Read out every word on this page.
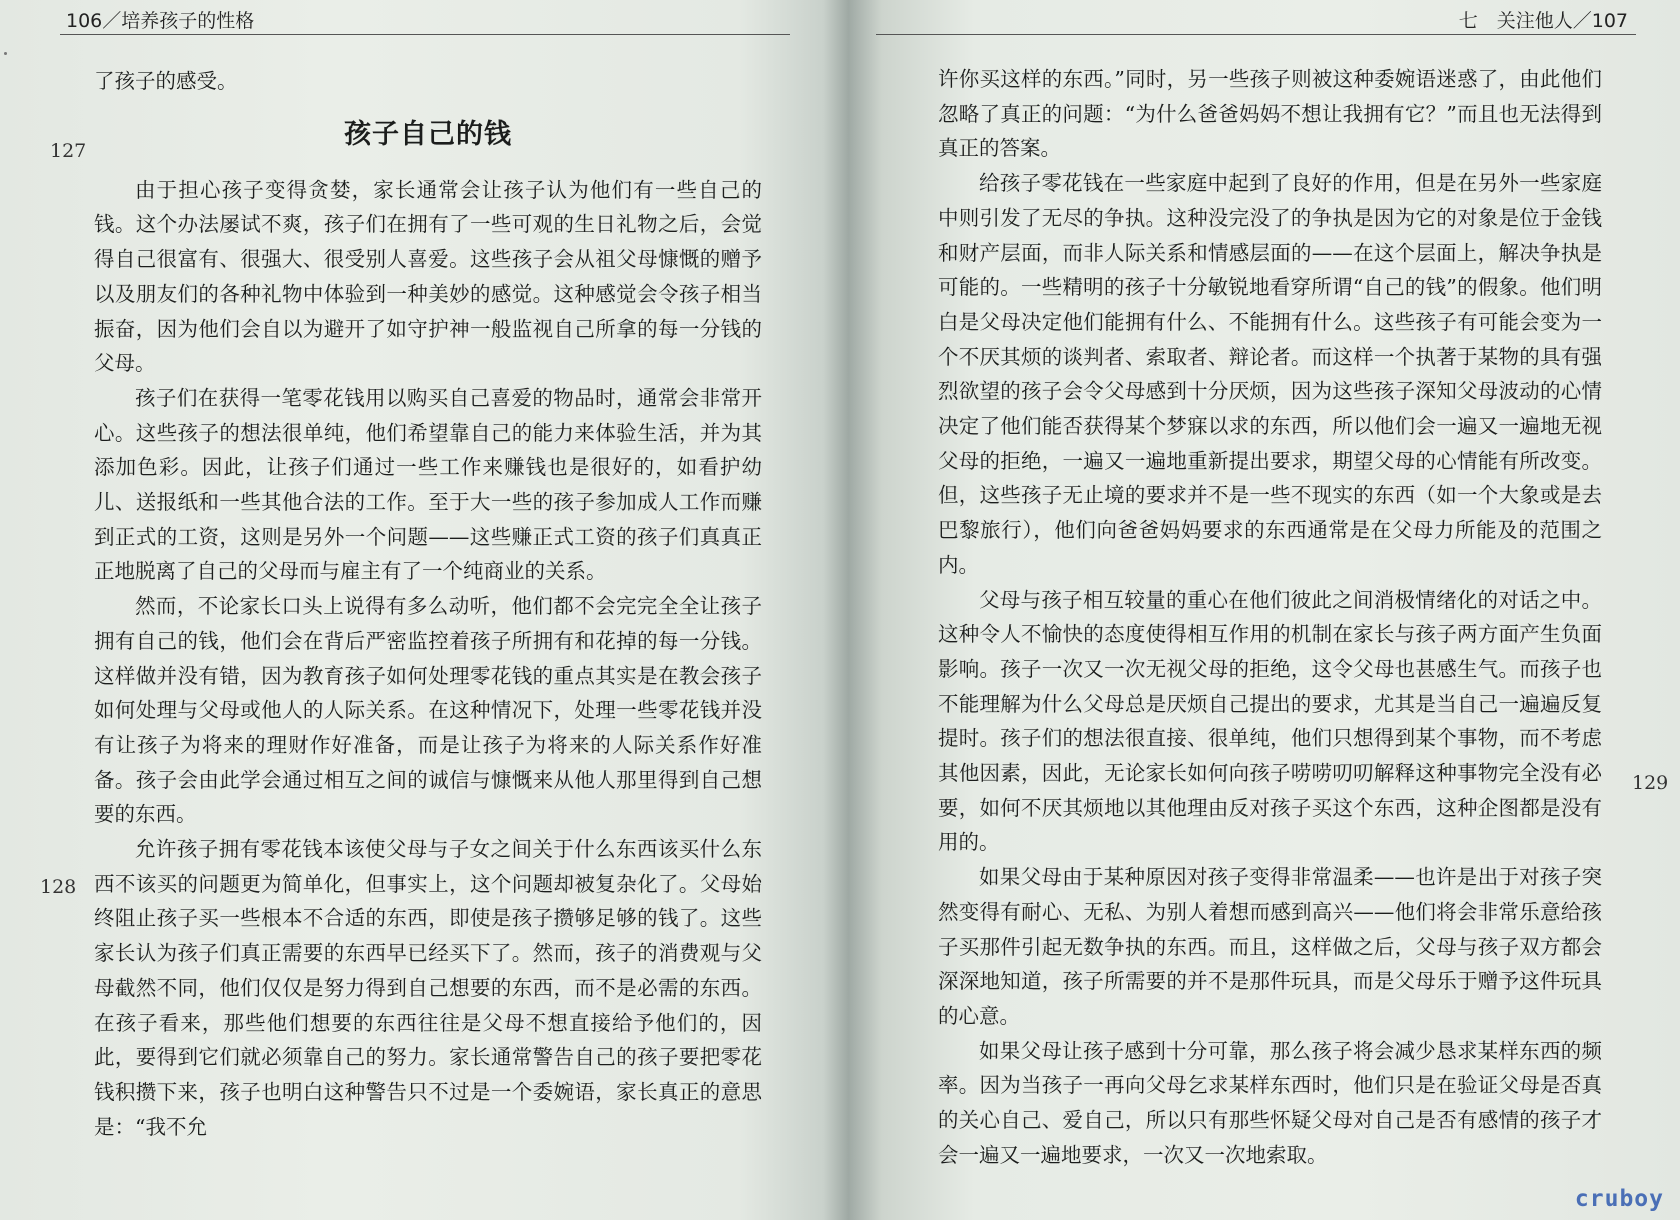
106／培养孩子的性格
127
128

了孩子的感受。

孩子自己的钱

由于担心孩子变得贪婪，家长通常会让孩子认为他们有一些自己的钱。这个办法屡试不爽，孩子们在拥有了一些可观的生日礼物之后，会觉得自己很富有、很强大、很受别人喜爱。这些孩子会从祖父母慷慨的赠予以及朋友们的各种礼物中体验到一种美妙的感觉。这种感觉会令孩子相当振奋，因为他们会自以为避开了如守护神一般监视自己所拿的每一分钱的父母。

孩子们在获得一笔零花钱用以购买自己喜爱的物品时，通常会非常开心。这些孩子的想法很单纯，他们希望靠自己的能力来体验生活，并为其添加色彩。因此，让孩子们通过一些工作来赚钱也是很好的，如看护幼儿、送报纸和一些其他合法的工作。至于大一些的孩子参加成人工作而赚到正式的工资，这则是另外一个问题——这些赚正式工资的孩子们真真正正地脱离了自己的父母而与雇主有了一个纯商业的关系。

然而，不论家长口头上说得有多么动听，他们都不会完完全全让孩子拥有自己的钱，他们会在背后严密监控着孩子所拥有和花掉的每一分钱。这样做并没有错，因为教育孩子如何处理零花钱的重点其实是在教会孩子如何处理与父母或他人的人际关系。在这种情况下，处理一些零花钱并没有让孩子为将来的理财作好准备，而是让孩子为将来的人际关系作好准备。孩子会由此学会通过相互之间的诚信与慷慨来从他人那里得到自己想要的东西。

允许孩子拥有零花钱本该使父母与子女之间关于什么东西该买什么东西不该买的问题更为简单化，但事实上，这个问题却被复杂化了。父母始终阻止孩子买一些根本不合适的东西，即使是孩子攒够足够的钱了。这些家长认为孩子们真正需要的东西早已经买下了。然而，孩子的消费观与父母截然不同，他们仅仅是努力得到自己想要的东西，而不是必需的东西。在孩子看来，那些他们想要的东西往往是父母不想直接给予他们的，因此，要得到它们就必须靠自己的努力。家长通常警告自己的孩子要把零花钱积攒下来，孩子也明白这种警告只不过是一个委婉语，家长真正的意思是：“我不允

七　关注他人／107
129

许你买这样的东西。”同时，另一些孩子则被这种委婉语迷惑了，由此他们忽略了真正的问题：“为什么爸爸妈妈不想让我拥有它？”而且也无法得到真正的答案。

给孩子零花钱在一些家庭中起到了良好的作用，但是在另外一些家庭中则引发了无尽的争执。这种没完没了的争执是因为它的对象是位于金钱和财产层面，而非人际关系和情感层面的——在这个层面上，解决争执是可能的。一些精明的孩子十分敏锐地看穿所谓“自己的钱”的假象。他们明白是父母决定他们能拥有什么、不能拥有什么。这些孩子有可能会变为一个不厌其烦的谈判者、索取者、辩论者。而这样一个执著于某物的具有强烈欲望的孩子会令父母感到十分厌烦，因为这些孩子深知父母波动的心情决定了他们能否获得某个梦寐以求的东西，所以他们会一遍又一遍地无视父母的拒绝，一遍又一遍地重新提出要求，期望父母的心情能有所改变。但，这些孩子无止境的要求并不是一些不现实的东西（如一个大象或是去巴黎旅行），他们向爸爸妈妈要求的东西通常是在父母力所能及的范围之内。

父母与孩子相互较量的重心在他们彼此之间消极情绪化的对话之中。这种令人不愉快的态度使得相互作用的机制在家长与孩子两方面产生负面影响。孩子一次又一次无视父母的拒绝，这令父母也甚感生气。而孩子也不能理解为什么父母总是厌烦自己提出的要求，尤其是当自己一遍遍反复提时。孩子们的想法很直接、很单纯，他们只想得到某个事物，而不考虑其他因素，因此，无论家长如何向孩子唠唠叨叨解释这种事物完全没有必要，如何不厌其烦地以其他理由反对孩子买这个东西，这种企图都是没有用的。

如果父母由于某种原因对孩子变得非常温柔——也许是出于对孩子突然变得有耐心、无私、为别人着想而感到高兴——他们将会非常乐意给孩子买那件引起无数争执的东西。而且，这样做之后，父母与孩子双方都会深深地知道，孩子所需要的并不是那件玩具，而是父母乐于赠予这件玩具的心意。

如果父母让孩子感到十分可靠，那么孩子将会减少恳求某样东西的频率。因为当孩子一再向父母乞求某样东西时，他们只是在验证父母是否真的关心自己、爱自己，所以只有那些怀疑父母对自己是否有感情的孩子才会一遍又一遍地要求，一次又一次地索取。

cruboy
